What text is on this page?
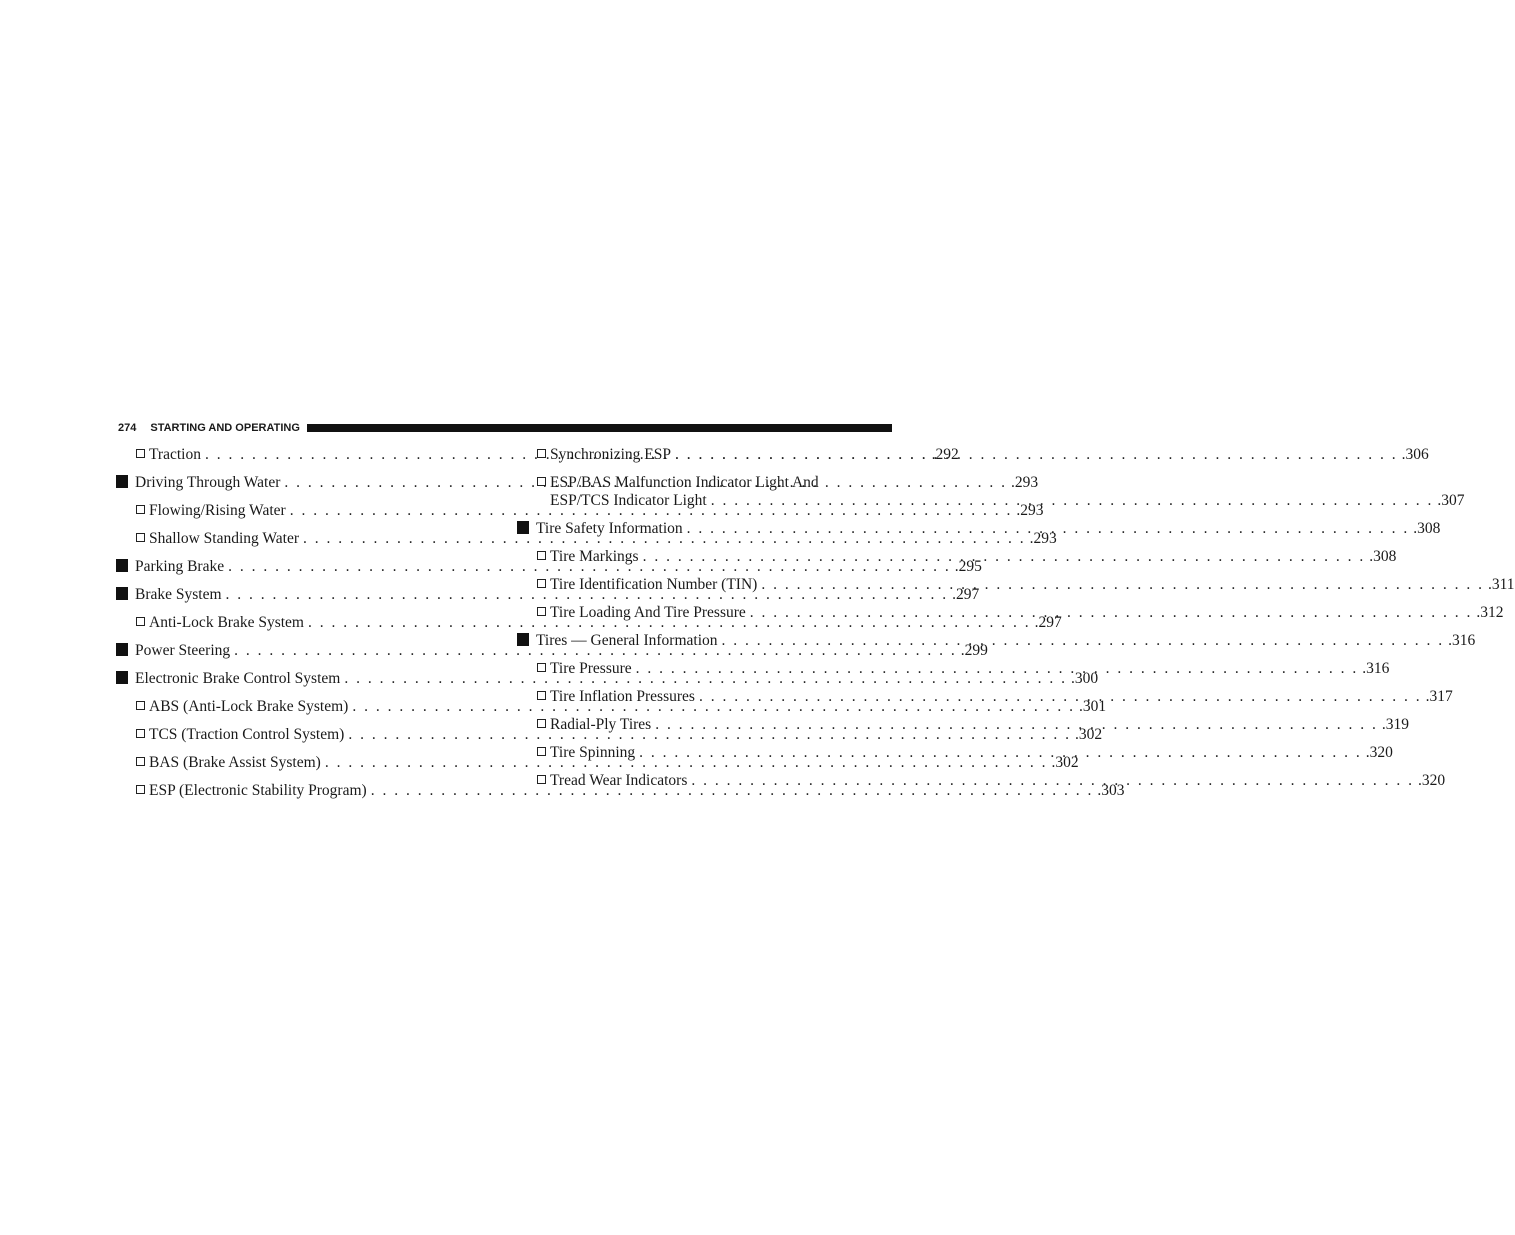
274 STARTING AND OPERATING
Traction . . .	.292
Driving Through Water . . .	.293
Flowing/Rising Water . . .	.293
Shallow Standing Water . . .	.293
Parking Brake . . .	.295
Brake System . . .	.297
Anti-Lock Brake System . . .	.297
Power Steering . . .	.299
Electronic Brake Control System . . .	.300
ABS (Anti-Lock Brake System) . . .	.301
TCS (Traction Control System) . . .	.302
BAS (Brake Assist System) . . .	.302
ESP (Electronic Stability Program) . . .	.303
Synchronizing ESP . . .	.306
ESP/BAS Malfunction Indicator Light And
ESP/TCS Indicator Light . . .	.307
Tire Safety Information . . .	.308
Tire Markings . . .	.308
Tire Identification Number (TIN) . . .	.311
Tire Loading And Tire Pressure . . .	.312
Tires — General Information . . .	.316
Tire Pressure . . .	.316
Tire Inflation Pressures . . .	.317
Radial-Ply Tires . . .	.319
Tire Spinning . . .	.320
Tread Wear Indicators . . .	.320
